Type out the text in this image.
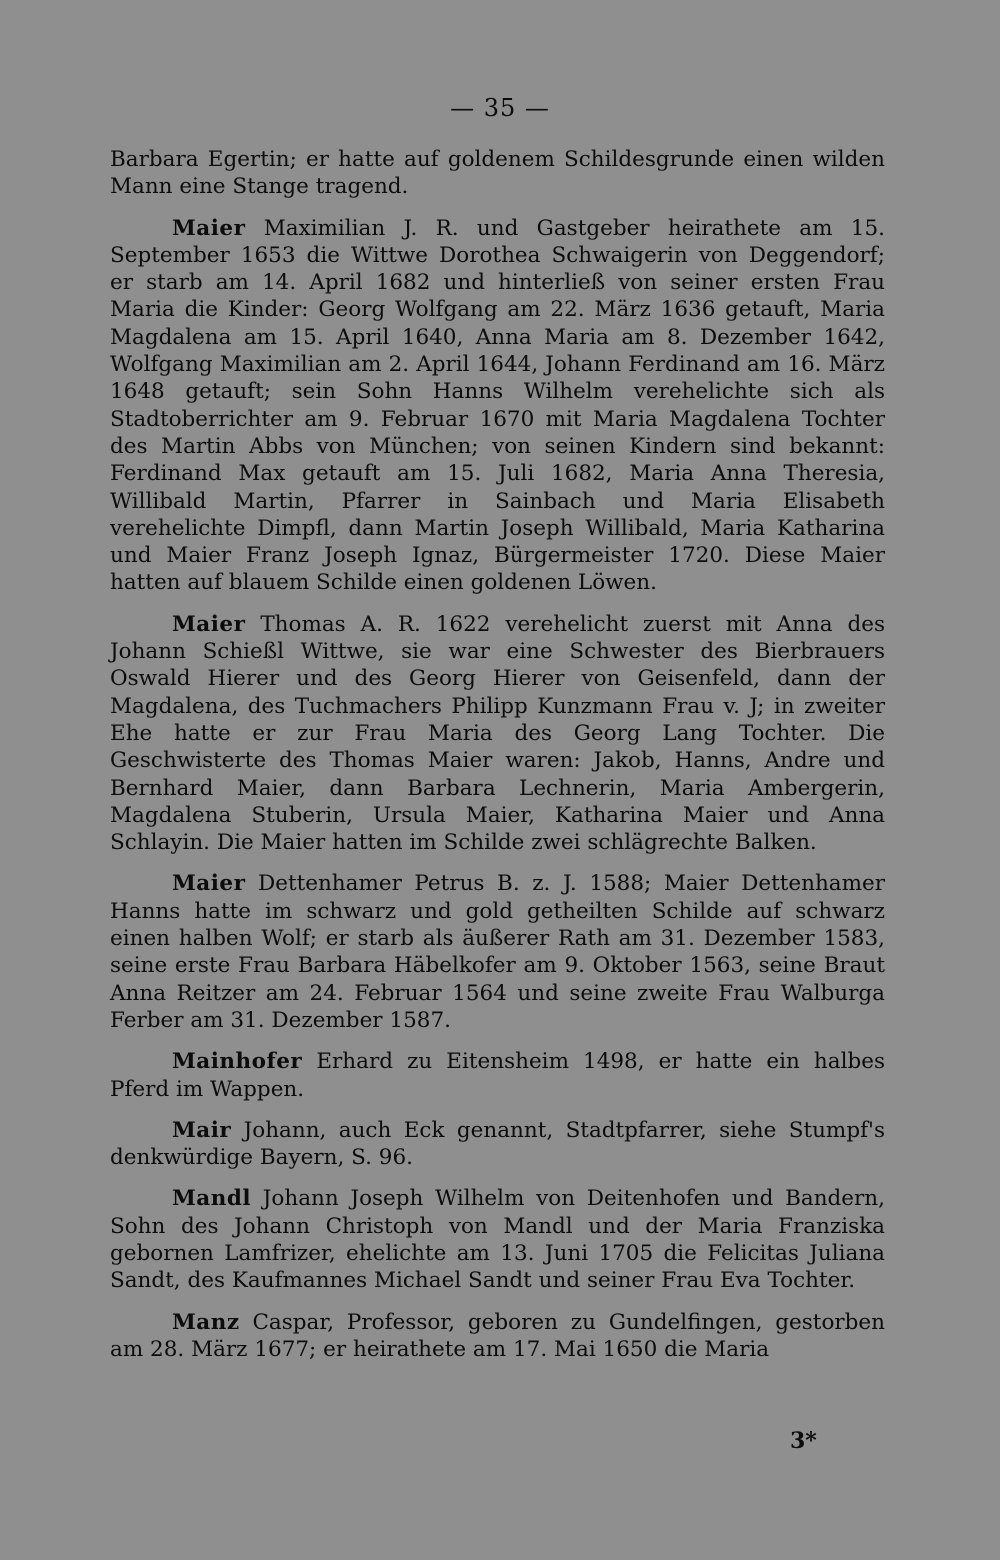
— 35 —

Barbara Egertin; er hatte auf goldenem Schildesgrunde einen wilden Mann eine Stange tragend.

Maier Maximilian J. R. und Gastgeber heirathete am 15. September 1653 die Wittwe Dorothea Schwaigerin von Deggendorf; er starb am 14. April 1682 und hinterließ von seiner ersten Frau Maria die Kinder: Georg Wolfgang am 22. März 1636 getauft, Maria Magdalena am 15. April 1640, Anna Maria am 8. Dezember 1642, Wolfgang Maximilian am 2. April 1644, Johann Ferdinand am 16. März 1648 getauft; sein Sohn Hanns Wilhelm verehelichte sich als Stadtoberrichter am 9. Februar 1670 mit Maria Magdalena Tochter des Martin Abbs von München; von seinen Kindern sind bekannt: Ferdinand Max getauft am 15. Juli 1682, Maria Anna Theresia, Willibald Martin, Pfarrer in Sainbach und Maria Elisabeth verehelichte Dimpfl, dann Martin Joseph Willibald, Maria Katharina und Maier Franz Joseph Ignaz, Bürgermeister 1720. Diese Maier hatten auf blauem Schilde einen goldenen Löwen.

Maier Thomas A. R. 1622 verehelicht zuerst mit Anna des Johann Schießl Wittwe, sie war eine Schwester des Bierbrauers Oswald Hierer und des Georg Hierer von Geisenfeld, dann der Magdalena, des Tuchmachers Philipp Kunzmann Frau v. J; in zweiter Ehe hatte er zur Frau Maria des Georg Lang Tochter. Die Geschwisterte des Thomas Maier waren: Jakob, Hanns, Andre und Bernhard Maier, dann Barbara Lechnerin, Maria Ambergerin, Magdalena Stuberin, Ursula Maier, Katharina Maier und Anna Schlayin. Die Maier hatten im Schilde zwei schlägrechte Balken.

Maier Dettenhamer Petrus B. z. J. 1588; Maier Dettenhamer Hanns hatte im schwarz und gold getheilten Schilde auf schwarz einen halben Wolf; er starb als äußerer Rath am 31. Dezember 1583, seine erste Frau Barbara Häbelkofer am 9. Oktober 1563, seine Braut Anna Reitzer am 24. Februar 1564 und seine zweite Frau Walburga Ferber am 31. Dezember 1587.

Mainhofer Erhard zu Eitensheim 1498, er hatte ein halbes Pferd im Wappen.

Mair Johann, auch Eck genannt, Stadtpfarrer, siehe Stumpf's denkwürdige Bayern, S. 96.

Mandl Johann Joseph Wilhelm von Deitenhofen und Bandern, Sohn des Johann Christoph von Mandl und der Maria Franziska gebornen Lamfrizer, ehelichte am 13. Juni 1705 die Felicitas Juliana Sandt, des Kaufmannes Michael Sandt und seiner Frau Eva Tochter.

Manz Caspar, Professor, geboren zu Gundelfingen, gestorben am 28. März 1677; er heirathete am 17. Mai 1650 die Maria

3*
